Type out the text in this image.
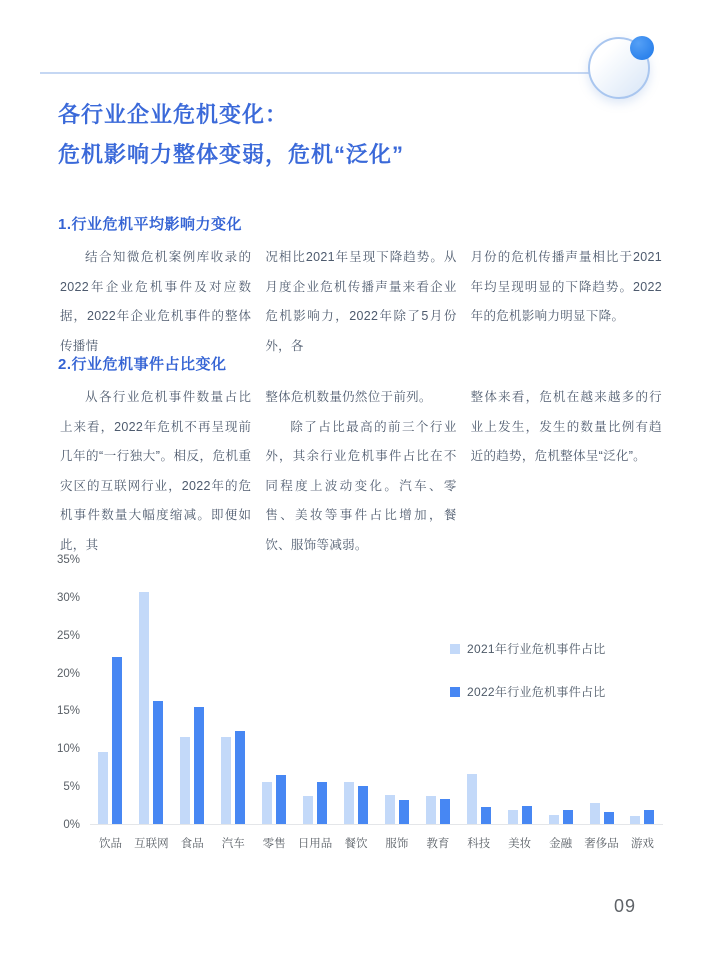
各行业企业危机变化：
危机影响力整体变弱，危机“泛化”
1.行业危机平均影响力变化

结合知微危机案例库收录的2022年企业危机事件及对应数据，2022年企业危机事件的整体传播情

况相比2021年呈现下降趋势。从月度企业危机传播声量来看企业危机影响力，2022年除了5月份外，各

月份的危机传播声量相比于2021年均呈现明显的下降趋势。2022年的危机影响力明显下降。

2.行业危机事件占比变化

从各行业危机事件数量占比上来看，2022年危机不再呈现前几年的“一行独大”。相反，危机重灾区的互联网行业，2022年的危机事件数量大幅度缩减。即便如此，其

整体危机数量仍然位于前列。

除了占比最高的前三个行业外，其余行业危机事件占比在不同程度上波动变化。汽车、零售、美妆等事件占比增加，餐饮、服饰等减弱。

整体来看，危机在越来越多的行业上发生，发生的数量比例有趋近的趋势，危机整体呈“泛化”。

0%
5%
10%
15%
20%
25%
30%
35%
饮品	互联网	食品	汽车	零售	日用品	餐饮	服饰	教育	科技	美妆	金融	奢侈品	游戏
2021年行业危机事件占比
2022年行业危机事件占比
09
